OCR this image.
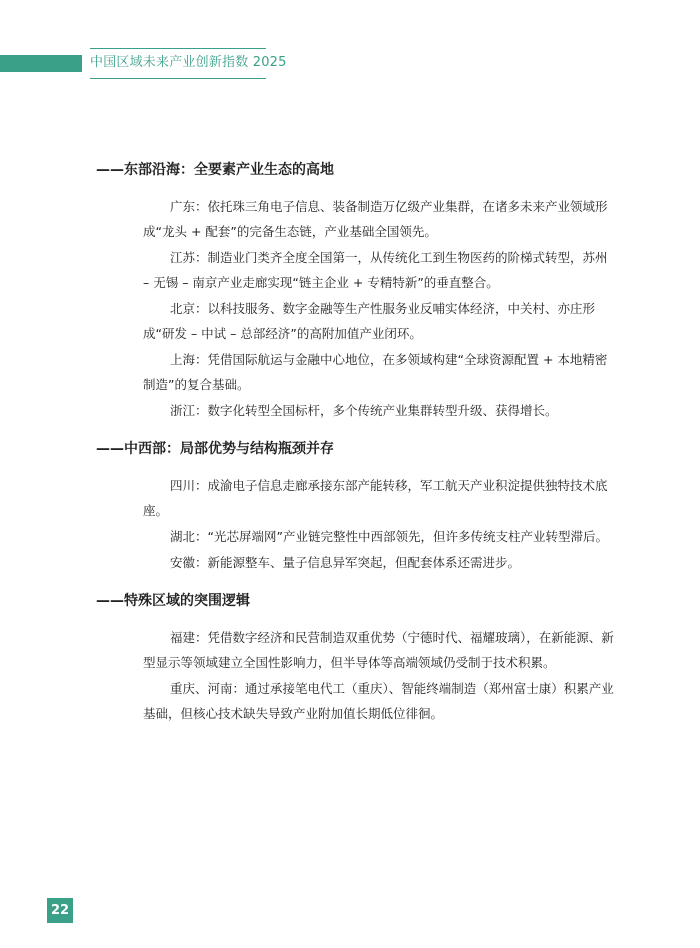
中国区域未来产业创新指数 2025
——东部沿海：全要素产业生态的高地

广东：依托珠三角电子信息、装备制造万亿级产业集群，在诸多未来产业领域形成“龙头 + 配套”的完备生态链，产业基础全国领先。

江苏：制造业门类齐全度全国第一，从传统化工到生物医药的阶梯式转型，苏州 – 无锡 – 南京产业走廊实现“链主企业 + 专精特新”的垂直整合。

北京：以科技服务、数字金融等生产性服务业反哺实体经济，中关村、亦庄形成“研发 – 中试 – 总部经济”的高附加值产业闭环。

上海：凭借国际航运与金融中心地位，在多领域构建“全球资源配置 + 本地精密制造”的复合基础。

浙江：数字化转型全国标杆，多个传统产业集群转型升级、获得增长。

——中西部：局部优势与结构瓶颈并存

四川：成渝电子信息走廊承接东部产能转移，军工航天产业积淀提供独特技术底座。

湖北：“光芯屏端网”产业链完整性中西部领先，但许多传统支柱产业转型滞后。

安徽：新能源整车、量子信息异军突起，但配套体系还需进步。

——特殊区域的突围逻辑

福建：凭借数字经济和民营制造双重优势（宁德时代、福耀玻璃），在新能源、新型显示等领域建立全国性影响力，但半导体等高端领域仍受制于技术积累。

重庆、河南：通过承接笔电代工（重庆）、智能终端制造（郑州富士康）积累产业基础，但核心技术缺失导致产业附加值长期低位徘徊。

22
